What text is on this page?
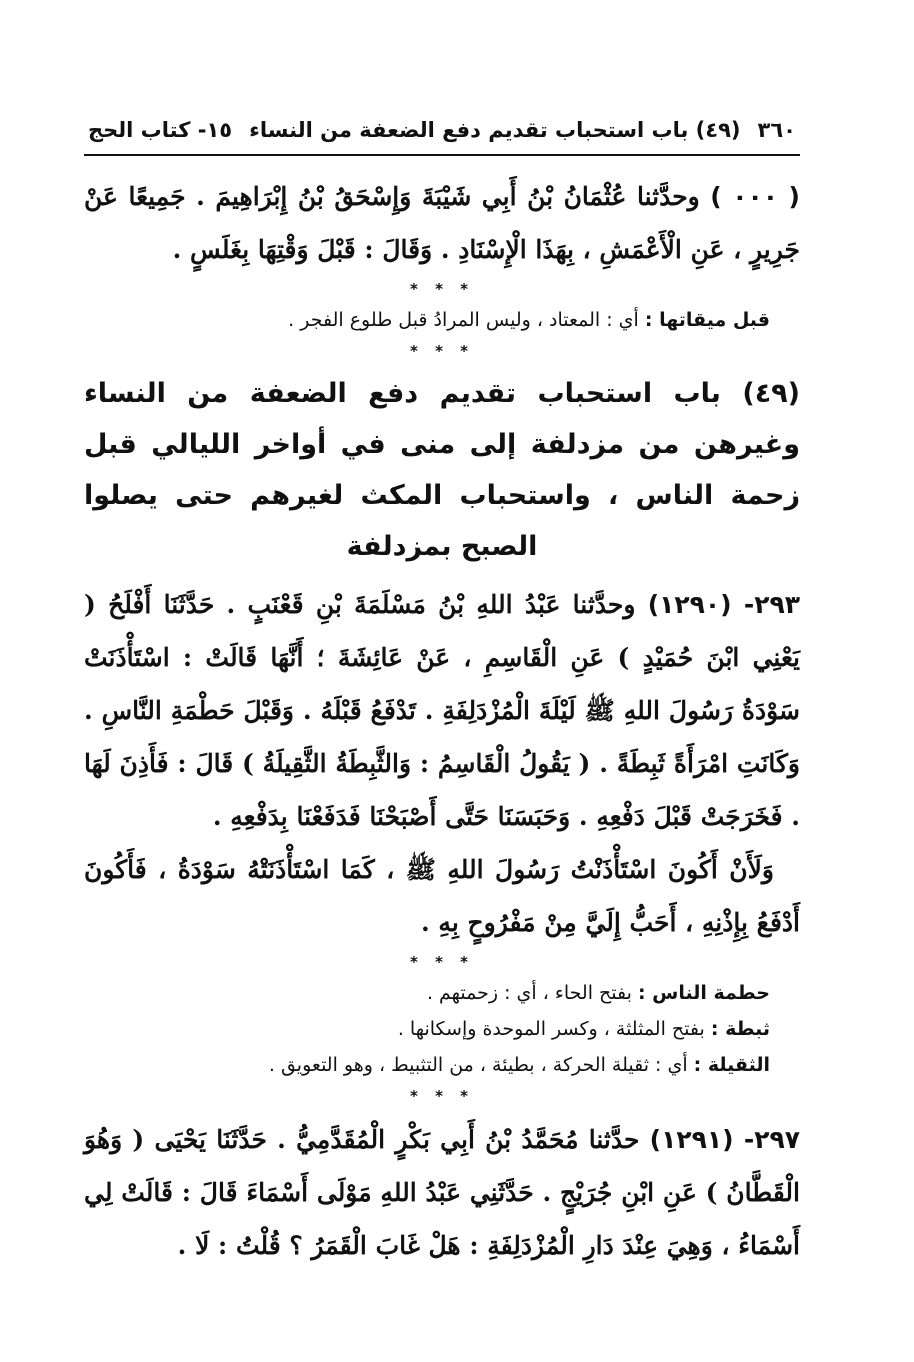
٣٦٠
(٤٩) باب استحباب تقديم دفع الضعفة من النساء
١٥- كتاب الحج

( ٠٠٠ ) وحدَّثنا عُثْمَانُ بْنُ أَبِي شَيْبَةَ وَإِسْحَقُ بْنُ إِبْرَاهِيمَ . جَمِيعًا عَنْ جَرِيرٍ ، عَنِ الْأَعْمَشِ ، بِهَذَا الْإِسْنَادِ . وَقَالَ : قَبْلَ وَقْتِهَا بِغَلَسٍ .

* * *

قبل ميقاتها : أي : المعتاد ، وليس المرادُ قبل طلوع الفجر .

* * *
(٤٩) باب استحباب تقديم دفع الضعفة من النساء وغيرهن من مزدلفة إلى منى في أواخر الليالي قبل زحمة الناس ، واستحباب المكث لغيرهم حتى يصلوا الصبح بمزدلفة

٢٩٣- (١٢٩٠) وحدَّثنا عَبْدُ اللهِ بْنُ مَسْلَمَةَ بْنِ قَعْنَبٍ . حَدَّثَنَا أَفْلَحُ ( يَعْنِي ابْنَ حُمَيْدٍ ) عَنِ الْقَاسِمِ ، عَنْ عَائِشَةَ ؛ أَنَّهَا قَالَتْ : اسْتَأْذَنَتْ سَوْدَةُ رَسُولَ اللهِ ﷺ لَيْلَةَ الْمُزْدَلِفَةِ . تَدْفَعُ قَبْلَهُ . وَقَبْلَ حَطْمَةِ النَّاسِ . وَكَانَتِ امْرَأَةً ثَبِطَةً . ( يَقُولُ الْقَاسِمُ : وَالثَّبِطَةُ الثَّقِيلَةُ ) قَالَ : فَأَذِنَ لَهَا . فَخَرَجَتْ قَبْلَ دَفْعِهِ . وَحَبَسَنَا حَتَّى أَصْبَحْنَا فَدَفَعْنَا بِدَفْعِهِ .

وَلَأَنْ أَكُونَ اسْتَأْذَنْتُ رَسُولَ اللهِ ﷺ ، كَمَا اسْتَأْذَنَتْهُ سَوْدَةُ ، فَأَكُونَ أَدْفَعُ بِإِذْنِهِ ، أَحَبُّ إِلَيَّ مِنْ مَفْرُوحٍ بِهِ .

* * *

حطمة الناس : بفتح الحاء ، أي : زحمتهم .

ثبطة : بفتح المثلثة ، وكسر الموحدة وإسكانها .

الثقيلة : أي : ثقيلة الحركة ، بطيئة ، من التثبيط ، وهو التعويق .

* * *

٢٩٧- (١٢٩١) حدَّثنا مُحَمَّدُ بْنُ أَبِي بَكْرٍ الْمُقَدَّمِيُّ . حَدَّثَنَا يَحْيَى ( وَهُوَ الْقَطَّانُ ) عَنِ ابْنِ جُرَيْجٍ . حَدَّثَنِي عَبْدُ اللهِ مَوْلَى أَسْمَاءَ قَالَ : قَالَتْ لِي أَسْمَاءُ ، وَهِيَ عِنْدَ دَارِ الْمُزْدَلِفَةِ : هَلْ غَابَ الْقَمَرُ ؟ قُلْتُ : لَا .
